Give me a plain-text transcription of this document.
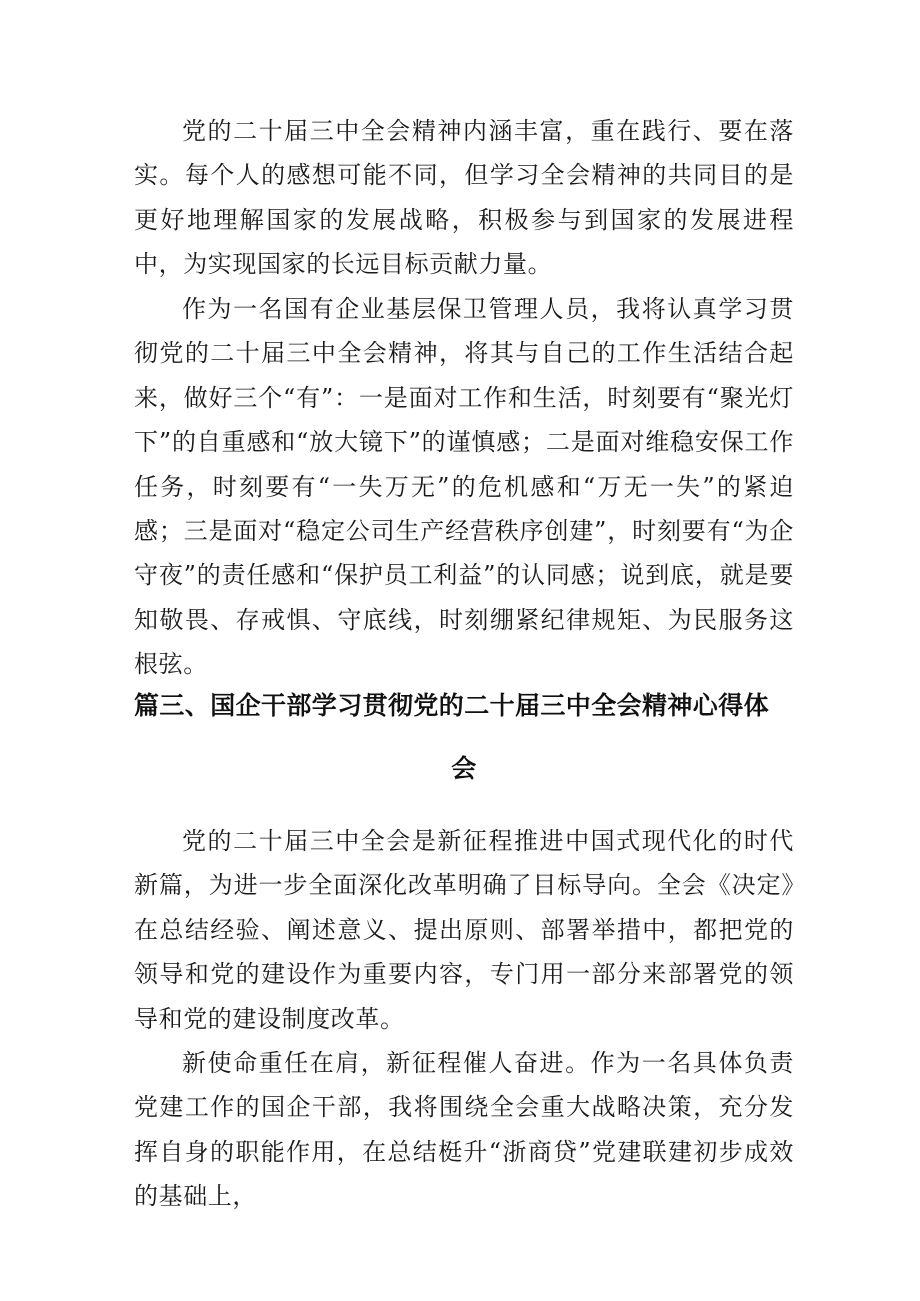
党的二十届三中全会精神内涵丰富，重在践行、要在落实。每个人的感想可能不同，但学习全会精神的共同目的是更好地理解国家的发展战略，积极参与到国家的发展进程中，为实现国家的长远目标贡献力量。

作为一名国有企业基层保卫管理人员，我将认真学习贯彻党的二十届三中全会精神，将其与自己的工作生活结合起来，做好三个“有”：一是面对工作和生活，时刻要有“聚光灯下”的自重感和“放大镜下”的谨慎感；二是面对维稳安保工作任务，时刻要有“一失万无”的危机感和“万无一失”的紧迫感；三是面对“稳定公司生产经营秩序创建”，时刻要有“为企守夜”的责任感和“保护员工利益”的认同感；说到底，就是要知敬畏、存戒惧、守底线，时刻绷紧纪律规矩、为民服务这根弦。

篇三、国企干部学习贯彻党的二十届三中全会精神心得体
会

党的二十届三中全会是新征程推进中国式现代化的时代新篇，为进一步全面深化改革明确了目标导向。全会《决定》在总结经验、阐述意义、提出原则、部署举措中，都把党的领导和党的建设作为重要内容，专门用一部分来部署党的领导和党的建设制度改革。

新使命重任在肩，新征程催人奋进。作为一名具体负责党建工作的国企干部，我将围绕全会重大战略决策，充分发挥自身的职能作用，在总结梃升“浙商贷”党建联建初步成效的基础上，
